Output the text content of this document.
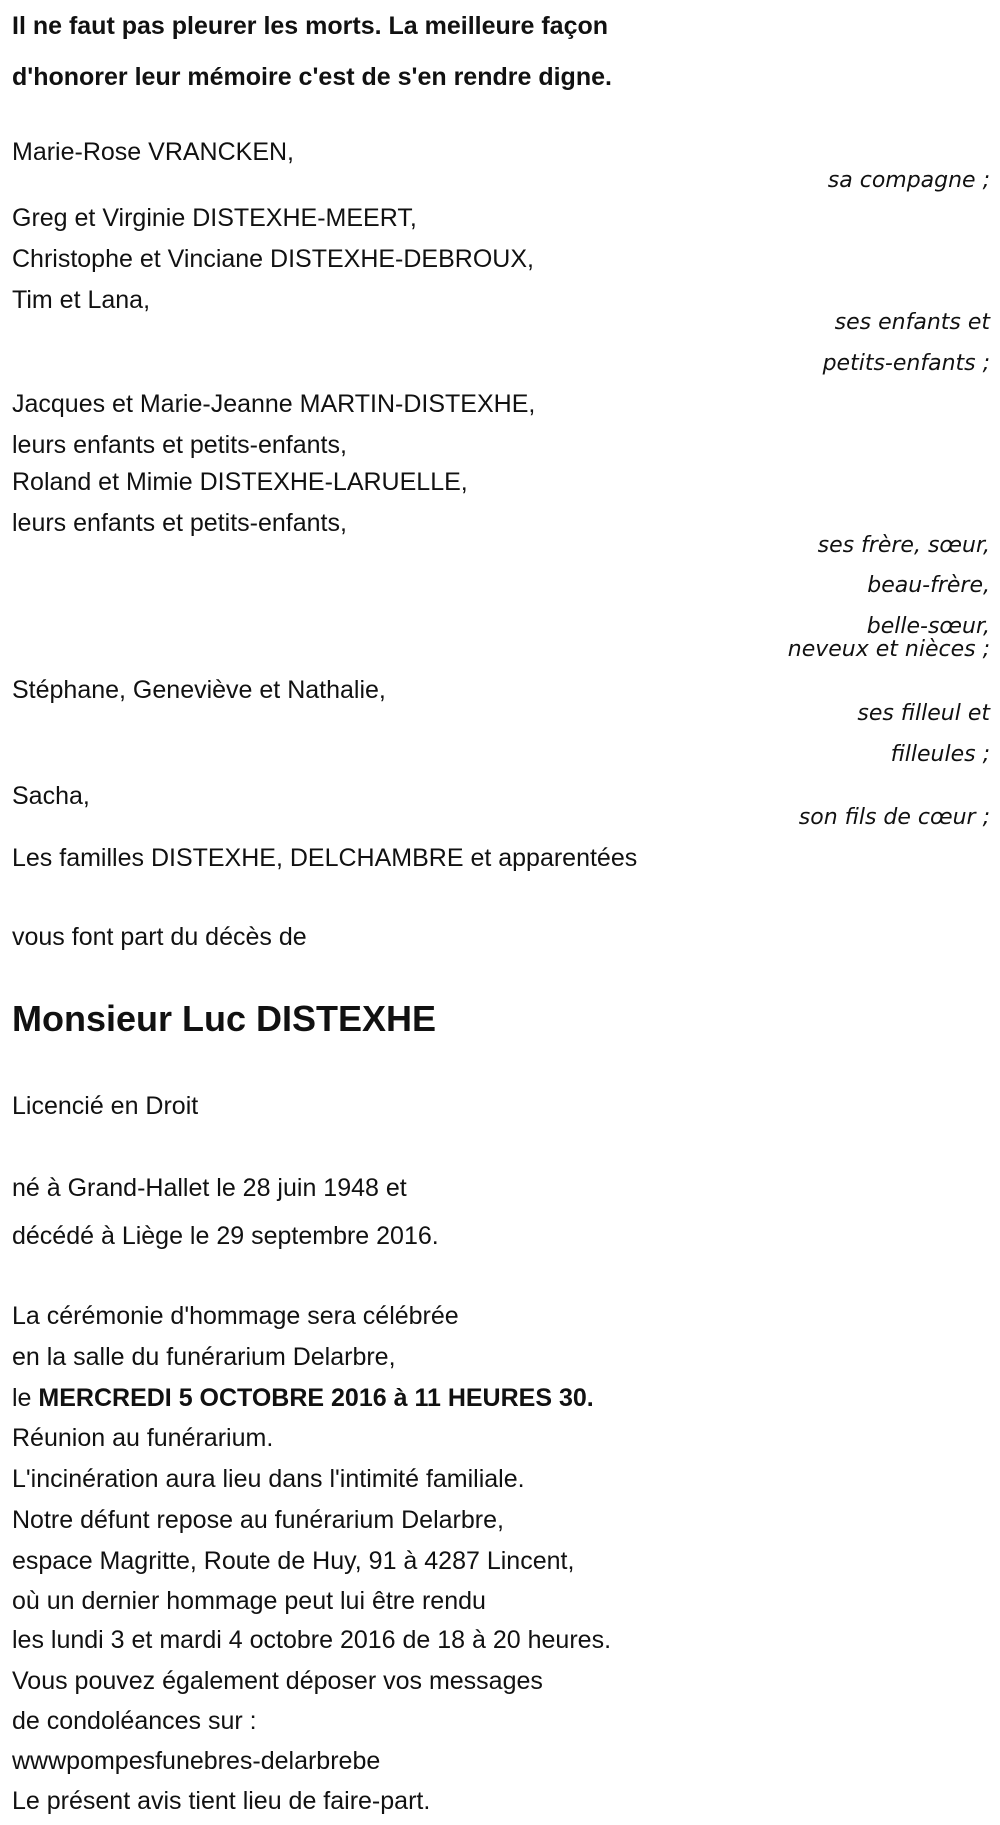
Il ne faut pas pleurer les morts. La meilleure façon
d'honorer leur mémoire c'est de s'en rendre digne.
Marie-Rose VRANCKEN,
sa compagne ;
Greg et Virginie DISTEXHE-MEERT,
Christophe et Vinciane DISTEXHE-DEBROUX,
Tim et Lana,
ses enfants et
petits-enfants ;
Jacques et Marie-Jeanne MARTIN-DISTEXHE,
leurs enfants et petits-enfants,
Roland et Mimie DISTEXHE-LARUELLE,
leurs enfants et petits-enfants,
ses frère, sœur,
beau-frère,
belle-sœur,
neveux et nièces ;
Stéphane, Geneviève et Nathalie,
ses filleul et
filleules ;
Sacha,
son fils de cœur ;
Les familles DISTEXHE, DELCHAMBRE et apparentées
vous font part du décès de
Monsieur Luc DISTEXHE
Licencié en Droit
né à Grand-Hallet le 28 juin 1948 et
décédé à Liège le 29 septembre 2016.
La cérémonie d'hommage sera célébrée
en la salle du funérarium Delarbre,
le MERCREDI 5 OCTOBRE 2016 à 11 HEURES 30.
Réunion au funérarium.
L'incinération aura lieu dans l'intimité familiale.
Notre défunt repose au funérarium Delarbre,
espace Magritte, Route de Huy, 91 à 4287 Lincent,
où un dernier hommage peut lui être rendu
les lundi 3 et mardi 4 octobre 2016 de 18 à 20 heures.
Vous pouvez également déposer vos messages
de condoléances sur :
wwwpompesfunebres-delarbrebe
Le présent avis tient lieu de faire-part.
